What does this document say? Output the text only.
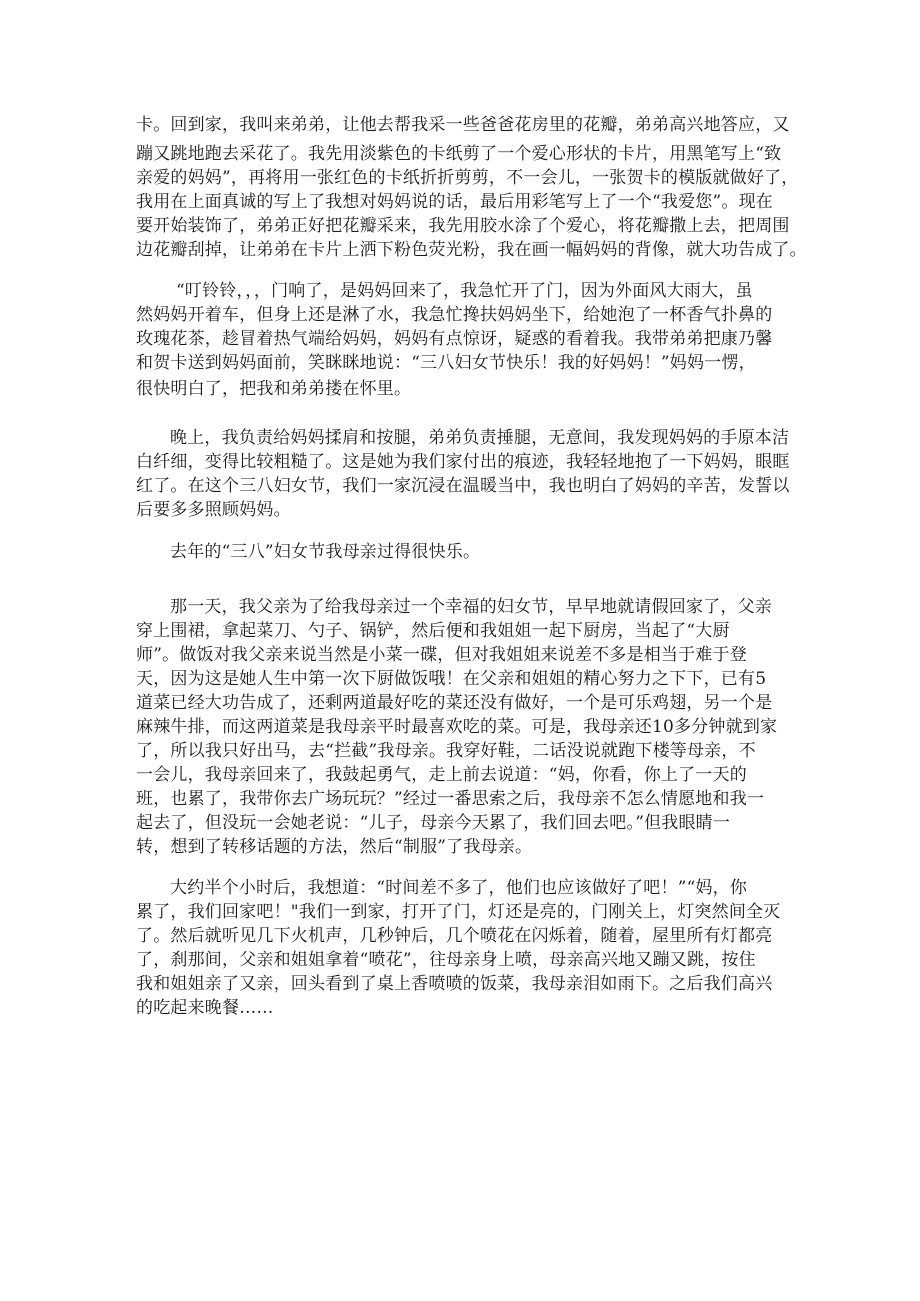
卡。回到家，我叫来弟弟，让他去帮我采一些爸爸花房里的花瓣，弟弟高兴地答应，又
蹦又跳地跑去采花了。我先用淡紫色的卡纸剪了一个爱心形状的卡片，用黑笔写上“致
亲爱的妈妈”，再将用一张红色的卡纸折折剪剪，不一会儿，一张贺卡的模版就做好了，
我用在上面真诚的写上了我想对妈妈说的话，最后用彩笔写上了一个“我爱您”。现在
要开始装饰了，弟弟正好把花瓣采来，我先用胶水涂了个爱心，将花瓣撒上去，把周围
边花瓣刮掉，让弟弟在卡片上洒下粉色荧光粉，我在画一幅妈妈的背像，就大功告成了。
“叮铃铃，，，门响了，是妈妈回来了，我急忙开了门，因为外面风大雨大，虽
然妈妈开着车，但身上还是淋了水，我急忙搀扶妈妈坐下，给她泡了一杯香气扑鼻的
玫瑰花茶，趁冒着热气端给妈妈，妈妈有点惊讶，疑惑的看着我。我带弟弟把康乃馨
和贺卡送到妈妈面前，笑眯眯地说：“三八妇女节快乐！我的好妈妈！”妈妈一愣，
很快明白了，把我和弟弟搂在怀里。
晚上，我负责给妈妈揉肩和按腿，弟弟负责捶腿，无意间，我发现妈妈的手原本洁
白纤细，变得比较粗糙了。这是她为我们家付出的痕迹，我轻轻地抱了一下妈妈，眼眶
红了。在这个三八妇女节，我们一家沉浸在温暖当中，我也明白了妈妈的辛苦，发誓以
后要多多照顾妈妈。
去年的“三八”妇女节我母亲过得很快乐。
那一天，我父亲为了给我母亲过一个幸福的妇女节，早早地就请假回家了，父亲
穿上围裙，拿起菜刀、勺子、锅铲，然后便和我姐姐一起下厨房，当起了“大厨
师”。做饭对我父亲来说当然是小菜一碟，但对我姐姐来说差不多是相当于难于登
天，因为这是她人生中第一次下厨做饭哦！在父亲和姐姐的精心努力之下下，已有5
道菜已经大功告成了，还剩两道最好吃的菜还没有做好，一个是可乐鸡翅，另一个是
麻辣牛排，而这两道菜是我母亲平时最喜欢吃的菜。可是，我母亲还10多分钟就到家
了，所以我只好出马，去“拦截”我母亲。我穿好鞋，二话没说就跑下楼等母亲，不
一会儿，我母亲回来了，我鼓起勇气，走上前去说道：“妈，你看，你上了一天的
班，也累了，我带你去广场玩玩？”经过一番思索之后，我母亲不怎么情愿地和我一
起去了，但没玩一会她老说：“儿子，母亲今天累了，我们回去吧。”但我眼睛一
转，想到了转移话题的方法，然后“制服”了我母亲。
大约半个小时后，我想道：“时间差不多了，他们也应该做好了吧！”“妈，你
累了，我们回家吧！"我们一到家，打开了门，灯还是亮的，门刚关上，灯突然间全灭
了。然后就听见几下火机声，几秒钟后，几个喷花在闪烁着，随着，屋里所有灯都亮
了，刹那间，父亲和姐姐拿着“喷花”，往母亲身上喷，母亲高兴地又蹦又跳，按住
我和姐姐亲了又亲，回头看到了桌上香喷喷的饭菜，我母亲泪如雨下。之后我们高兴
的吃起来晚餐……
